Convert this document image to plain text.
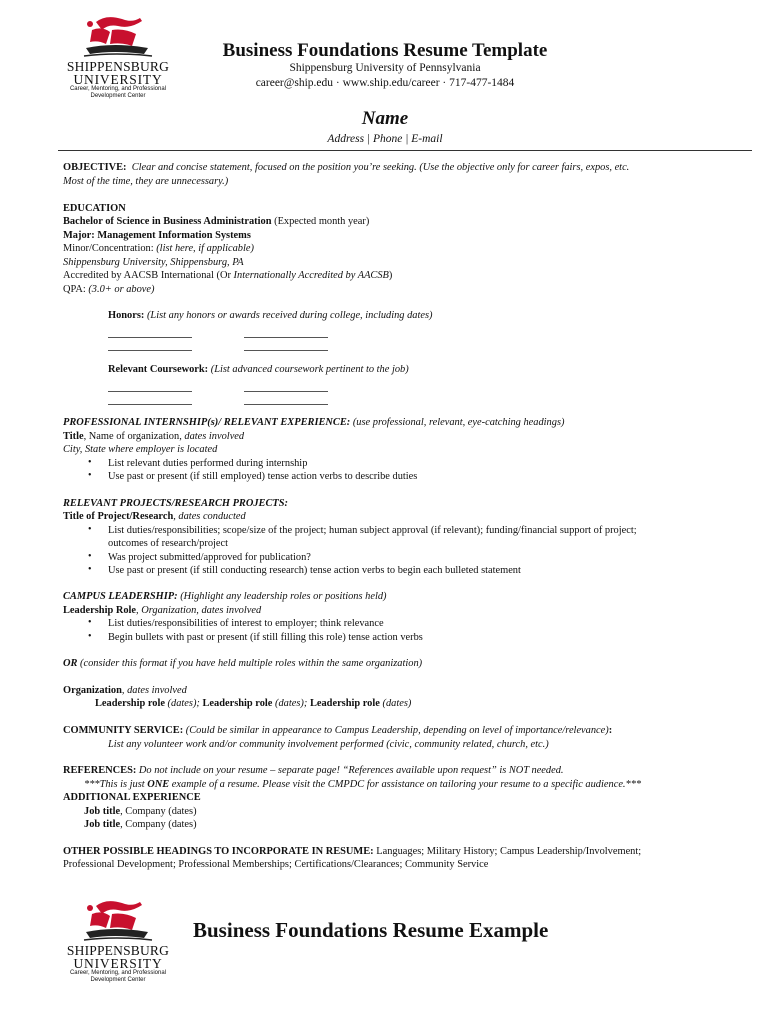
SHIPPENSBURG
UNIVERSITY
Career, Mentoring, and Professional
Development Center
Business Foundations Resume Template
Shippensburg University of Pennsylvania
career@ship.edu · www.ship.edu/career · 717-477-1484
Name
Address | Phone | E-mail
OBJECTIVE: Clear and concise statement, focused on the position you’re seeking. (Use the objective only for career fairs, expos, etc.
Most of the time, they are unnecessary.)
EDUCATION
Bachelor of Science in Business Administration (Expected month year)
Major: Management Information Systems
Minor/Concentration: (list here, if applicable)
Shippensburg University, Shippensburg, PA
Accredited by AACSB International (Or Internationally Accredited by AACSB)
QPA: (3.0+ or above)
Honors: (List any honors or awards received during college, including dates)
Relevant Coursework: (List advanced coursework pertinent to the job)
PROFESSIONAL INTERNSHIP(s)/ RELEVANT EXPERIENCE: (use professional, relevant, eye-catching headings)
Title, Name of organization, dates involved
City, State where employer is located
• List relevant duties performed during internship
• Use past or present (if still employed) tense action verbs to describe duties
RELEVANT PROJECTS/RESEARCH PROJECTS:
Title of Project/Research, dates conducted
• List duties/responsibilities; scope/size of the project; human subject approval (if relevant); funding/financial support of project;
outcomes of research/project
• Was project submitted/approved for publication?
• Use past or present (if still conducting research) tense action verbs to begin each bulleted statement
CAMPUS LEADERSHIP: (Highlight any leadership roles or positions held)
Leadership Role, Organization, dates involved
• List duties/responsibilities of interest to employer; think relevance
• Begin bullets with past or present (if still filling this role) tense action verbs
OR (consider this format if you have held multiple roles within the same organization)
Organization, dates involved
Leadership role (dates); Leadership role (dates); Leadership role (dates)
COMMUNITY SERVICE: (Could be similar in appearance to Campus Leadership, depending on level of importance/relevance):
List any volunteer work and/or community involvement performed (civic, community related, church, etc.)
REFERENCES: Do not include on your resume – separate page! “References available upon request” is NOT needed.
***This is just ONE example of a resume. Please visit the CMPDC for assistance on tailoring your resume to a specific audience.***
ADDITIONAL EXPERIENCE
Job title, Company (dates)
Job title, Company (dates)
OTHER POSSIBLE HEADINGS TO INCORPORATE IN RESUME: Languages; Military History; Campus Leadership/Involvement;
Professional Development; Professional Memberships; Certifications/Clearances; Community Service
SHIPPENSBURG
UNIVERSITY
Career, Mentoring, and Professional
Development Center
Business Foundations Resume Example
